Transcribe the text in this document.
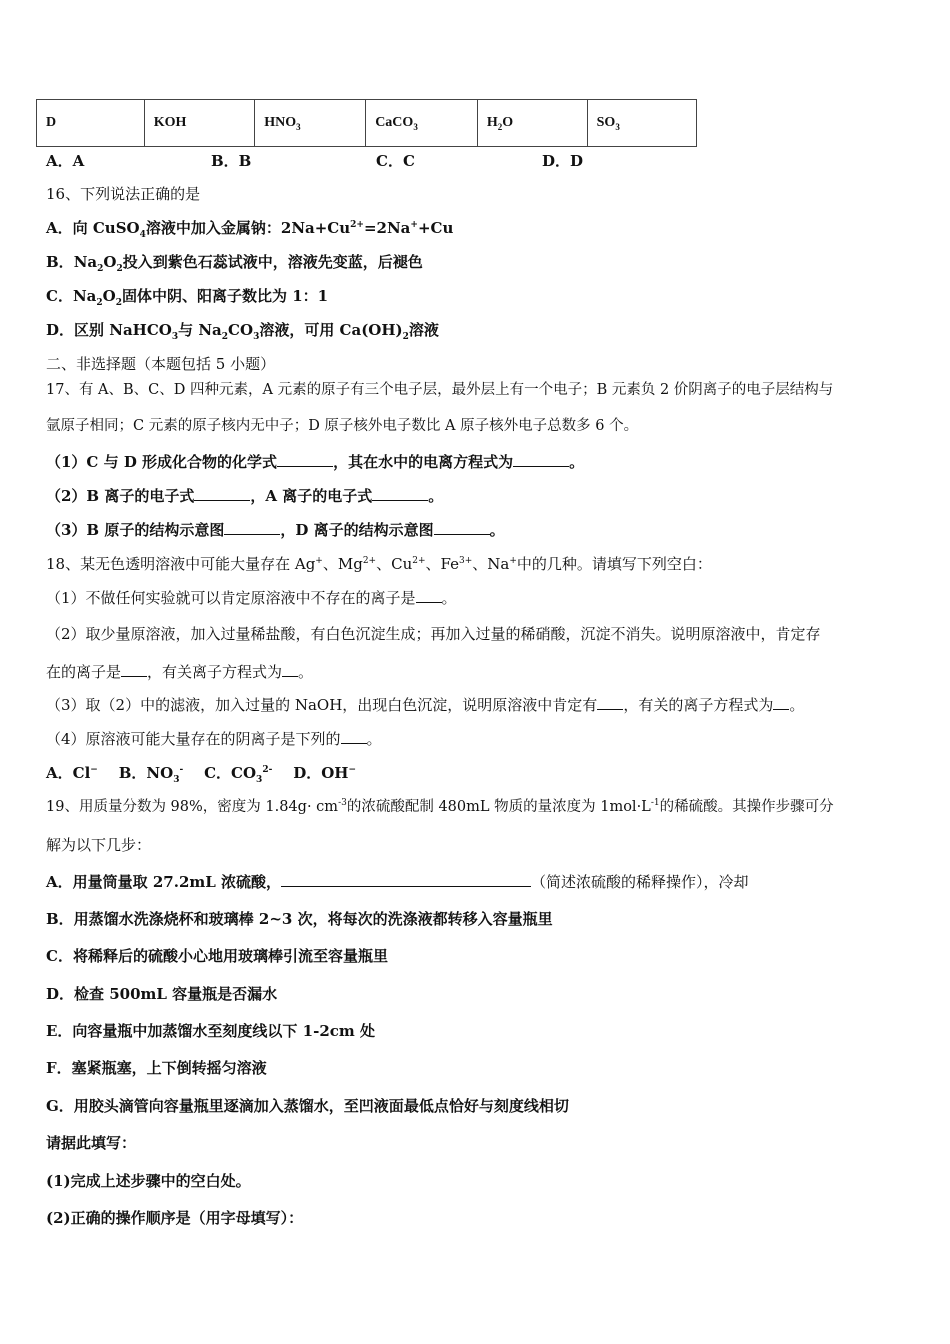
D	KOH	$HNO_3$	CaCO$_3$	$H_2O$	$SO_3$
A．A	B．B	C．C	D．D
16、下列说法正确的是
A．向 CuSO$_4$溶液中加入金属钠：$2Na+Cu^{2+}=2Na^++Cu$
B．$Na_2O_2$投入到紫色石蕊试液中，溶液先变蓝，后褪色
C．$Na_2O_2$固体中阴、阳离子数比为 1：1
D．区别 NaHCO$_3$与 $Na_2CO_3$溶液，可用 $Ca(OH)_2$溶液
二、非选择题（本题包括 5 小题）
17、有 A、B、C、D 四种元素，A 元素的原子有三个电子层，最外层上有一个电子；B 元素负 2 价阴离子的电子层结构与
氩原子相同；C 元素的原子核内无中子；D 原子核外电子数比 A 原子核外电子总数多 6 个。
（1）C 与 D 形成化合物的化学式	，其在水中的电离方程式为	。
（2）B 离子的电子式	，A 离子的电子式	。
（3）B 原子的结构示意图	，D 离子的结构示意图	。
18、某无色透明溶液中可能大量存在 Ag+、$Mg^{2+}$、$Cu^{2+}$、$Fe^{3+}$、Na+中的几种。请填写下列空白：
（1）不做任何实验就可以肯定原溶液中不存在的离子是 。
（2）取少量原溶液，加入过量稀盐酸，有白色沉淀生成；再加入过量的稀硝酸，沉淀不消失。说明原溶液中，肯定存
在的离子是 ，有关离子方程式为 。
（3）取（2）中的滤液，加入过量的 NaOH，出现白色沉淀，说明原溶液中肯定有 ，有关的离子方程式为 。
（4）原溶液可能大量存在的阴离子是下列的 。
A．Cl− B．$NO_3^-$ C．$CO_3^{2-}$ D．OH−
19、用质量分数为 98%，密度为 $1.84g\cdot cm^{-3}$的浓硫酸配制 480mL 物质的量浓度为 $1mol\cdot L^{-1}$的稀硫酸。其操作步骤可分
解为以下几步：
A．用量筒量取 27.2mL 浓硫酸，	（简述浓硫酸的稀释操作），冷却
B．用蒸馏水洗涤烧杯和玻璃棒 2~3 次，将每次的洗涤液都转移入容量瓶里
C．将稀释后的硫酸小心地用玻璃棒引流至容量瓶里
D．检查 500mL 容量瓶是否漏水
E．向容量瓶中加蒸馏水至刻度线以下 1-2cm 处
F．塞紧瓶塞，上下倒转摇匀溶液
G．用胶头滴管向容量瓶里逐滴加入蒸馏水，至凹液面最低点恰好与刻度线相切
请据此填写：
(1)完成上述步骤中的空白处。
(2)正确的操作顺序是（用字母填写）：
